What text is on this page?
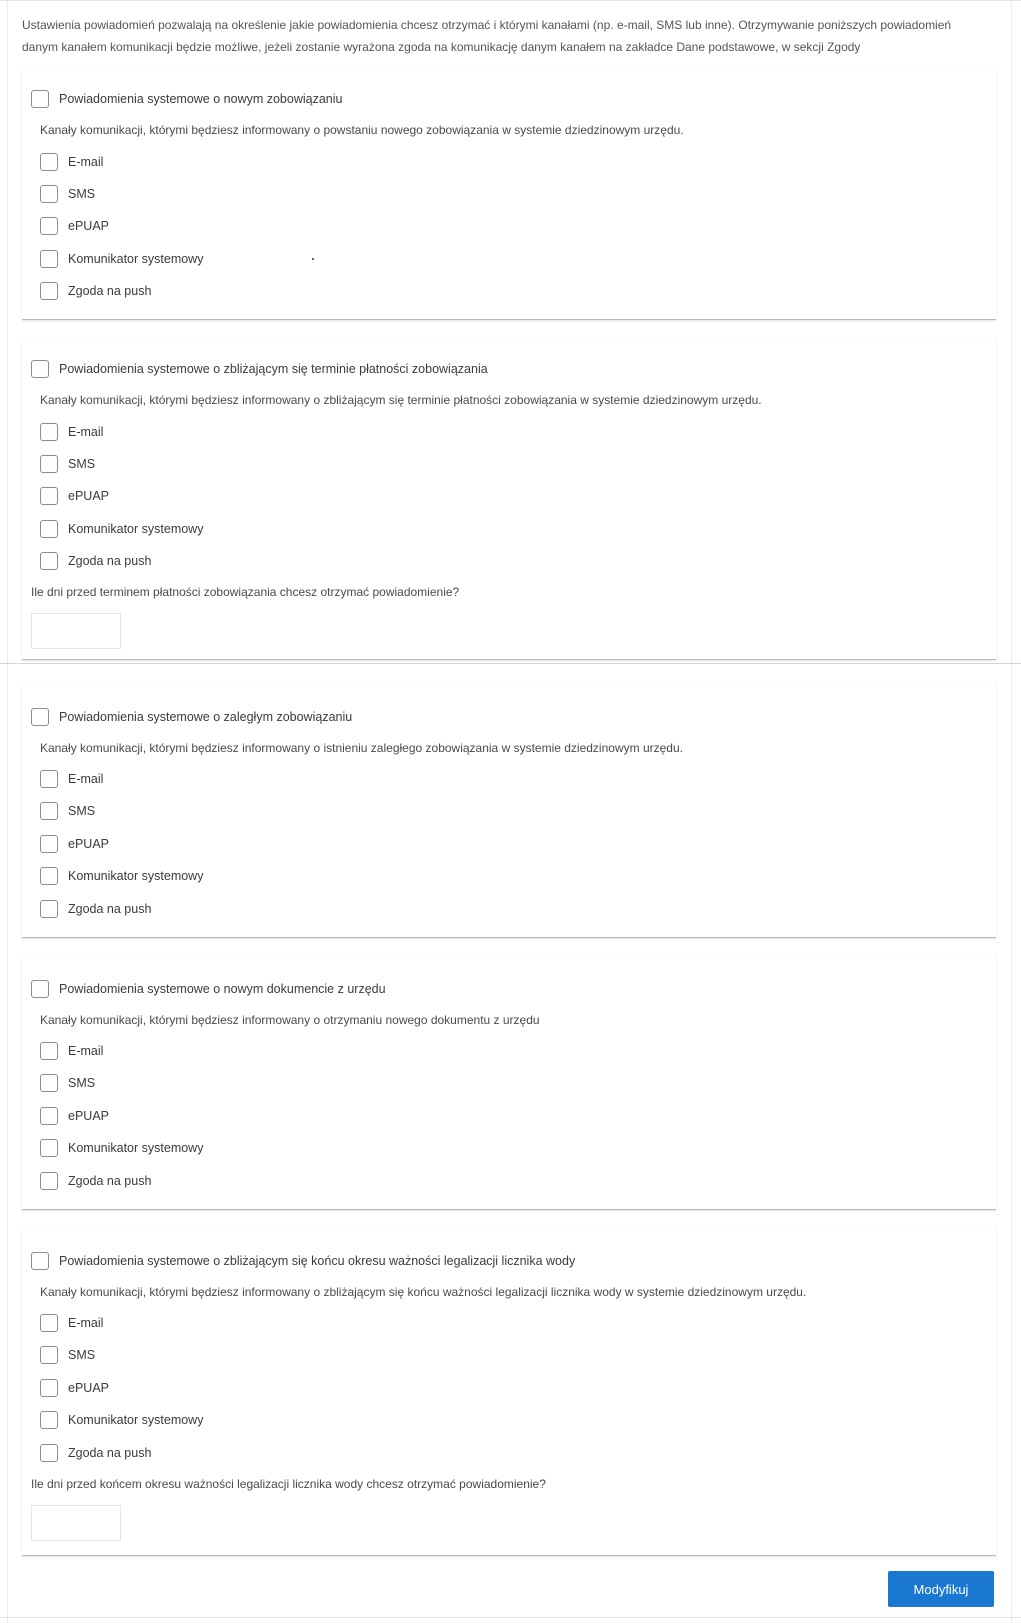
Ustawienia powiadomień pozwalają na określenie jakie powiadomienia chcesz otrzymać i którymi kanałami (np. e-mail, SMS lub inne). Otrzymywanie poniższych powiadomień danym kanałem komunikacji będzie możliwe, jeżeli zostanie wyrażona zgoda na komunikację danym kanałem na zakładce Dane podstawowe, w sekcji Zgody

Powiadomienia systemowe o nowym zobowiązaniu
Kanały komunikacji, którymi będziesz informowany o powstaniu nowego zobowiązania w systemie dziedzinowym urzędu.
E-mail
SMS
ePUAP
Komunikator systemowy
Zgoda na push
Powiadomienia systemowe o zbliżającym się terminie płatności zobowiązania
Kanały komunikacji, którymi będziesz informowany o zbliżającym się terminie płatności zobowiązania w systemie dziedzinowym urzędu.
E-mail
SMS
ePUAP
Komunikator systemowy
Zgoda na push
Ile dni przed terminem płatności zobowiązania chcesz otrzymać powiadomienie?
Powiadomienia systemowe o zaległym zobowiązaniu
Kanały komunikacji, którymi będziesz informowany o istnieniu zaległego zobowiązania w systemie dziedzinowym urzędu.
E-mail
SMS
ePUAP
Komunikator systemowy
Zgoda na push
Powiadomienia systemowe o nowym dokumencie z urzędu
Kanały komunikacji, którymi będziesz informowany o otrzymaniu nowego dokumentu z urzędu
E-mail
SMS
ePUAP
Komunikator systemowy
Zgoda na push
Powiadomienia systemowe o zbliżającym się końcu okresu ważności legalizacji licznika wody
Kanały komunikacji, którymi będziesz informowany o zbliżającym się końcu ważności legalizacji licznika wody w systemie dziedzinowym urzędu.
E-mail
SMS
ePUAP
Komunikator systemowy
Zgoda na push
Ile dni przed końcem okresu ważności legalizacji licznika wody chcesz otrzymać powiadomienie?
Modyfikuj
